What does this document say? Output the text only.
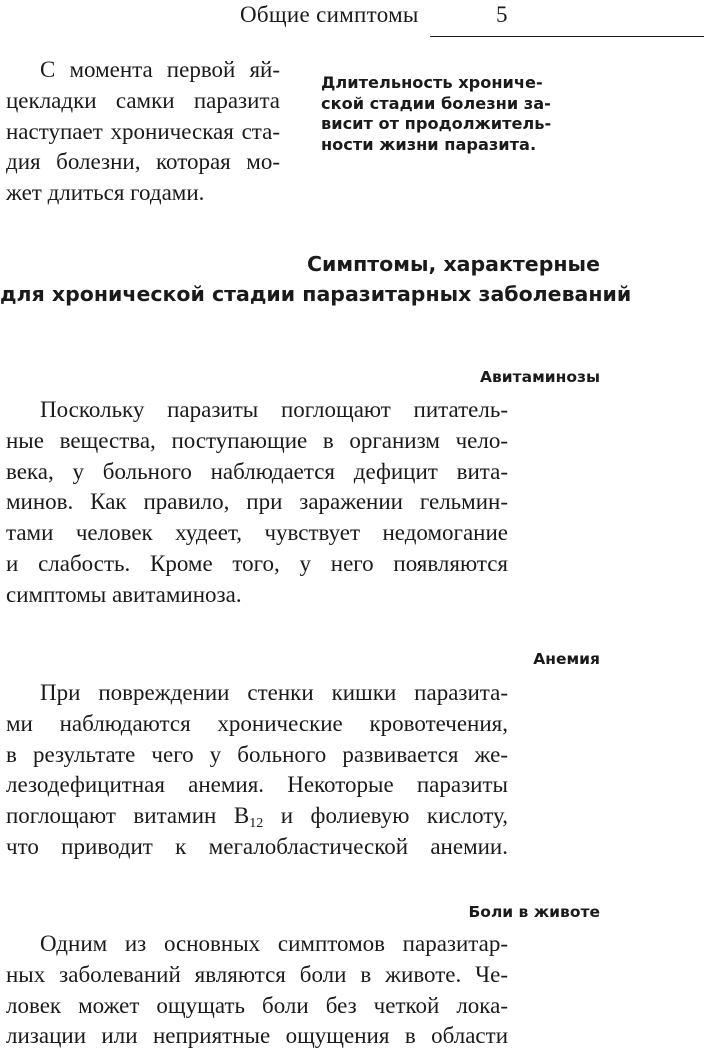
Общие симптомы	5
С момента первой яй-
цекладки самки паразита
наступает хроническая ста-
дия болезни, которая мо-
жет длиться годами.
Длительность хрониче-
ской стадии болезни за-
висит от продолжитель-
ности жизни паразита.
Симптомы, характерные
для хронической стадии паразитарных заболеваний
Авитаминозы
Поскольку паразиты поглощают питатель-
ные вещества, поступающие в организм чело-
века, у больного наблюдается дефицит вита-
минов. Как правило, при заражении гельмин-
тами человек худеет, чувствует недомогание
и слабость. Кроме того, у него появляются
симптомы авитаминоза.
Анемия
При повреждении стенки кишки паразита-
ми наблюдаются хронические кровотечения,
в результате чего у больного развивается же-
лезодефицитная анемия. Некоторые паразиты
поглощают витамин $B_{12}$ и фолиевую кислоту,
что приводит к мегалобластической анемии.
Боли в животе
Одним из основных симптомов паразитар-
ных заболеваний являются боли в животе. Че-
ловек может ощущать боли без четкой лока-
лизации или неприятные ощущения в области
